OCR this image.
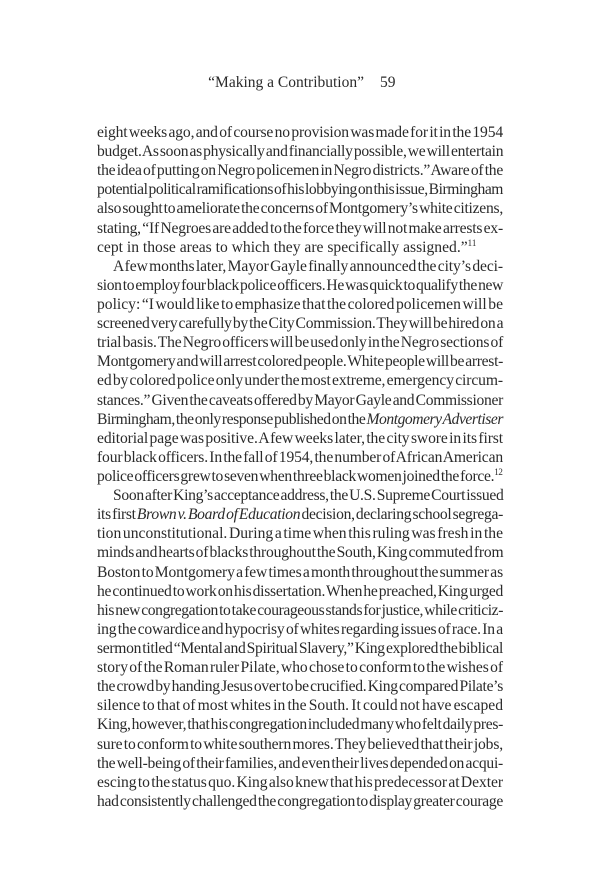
“Making a Contribution” 59
eight weeks ago, and of course no provision was made for it in the 1954
budget. As soon as physically and financially possible, we will entertain
the idea of putting on Negro policemen in Negro districts.” Aware of the
potential political ramifications of his lobbying on this issue, Birmingham
also sought to ameliorate the concerns of Montgomery’s white citizens,
stating, “If Negroes are added to the force they will not make arrests ex-
cept in those areas to which they are specifically assigned.”$^{11}$
A few months later, Mayor Gayle finally announced the city’s deci-
sion to employ four black police officers. He was quick to qualify the new
policy: “I would like to emphasize that the colored policemen will be
screened very carefully by the City Commission. They will be hired on a
trial basis. The Negro officers will be used only in the Negro sections of
Montgomery and will arrest colored people. White people will be arrest-
ed by colored police only under the most extreme, emergency circum-
stances.” Given the caveats offered by Mayor Gayle and Commissioner
Birmingham, the only response published on the Montgomery Advertiser
editorial page was positive. A few weeks later, the city swore in its first
four black officers. In the fall of 1954, the number of African American
police officers grew to seven when three black women joined the force.$^{12}$
Soon after King’s acceptance address, the U.S. Supreme Court issued
its first Brown v. Board of Education decision, declaring school segrega-
tion unconstitutional. During a time when this ruling was fresh in the
minds and hearts of blacks throughout the South, King commuted from
Boston to Montgomery a few times a month throughout the summer as
he continued to work on his dissertation. When he preached, King urged
his new congregation to take courageous stands for justice, while criticiz-
ing the cowardice and hypocrisy of whites regarding issues of race. In a
sermon titled “Mental and Spiritual Slavery,” King explored the biblical
story of the Roman ruler Pilate, who chose to conform to the wishes of
the crowd by handing Jesus over to be crucified. King compared Pilate’s
silence to that of most whites in the South. It could not have escaped
King, however, that his congregation included many who felt daily pres-
sure to conform to white southern mores. They believed that their jobs,
the well-being of their families, and even their lives depended on acqui-
escing to the status quo. King also knew that his predecessor at Dexter
had consistently challenged the congregation to display greater courage
